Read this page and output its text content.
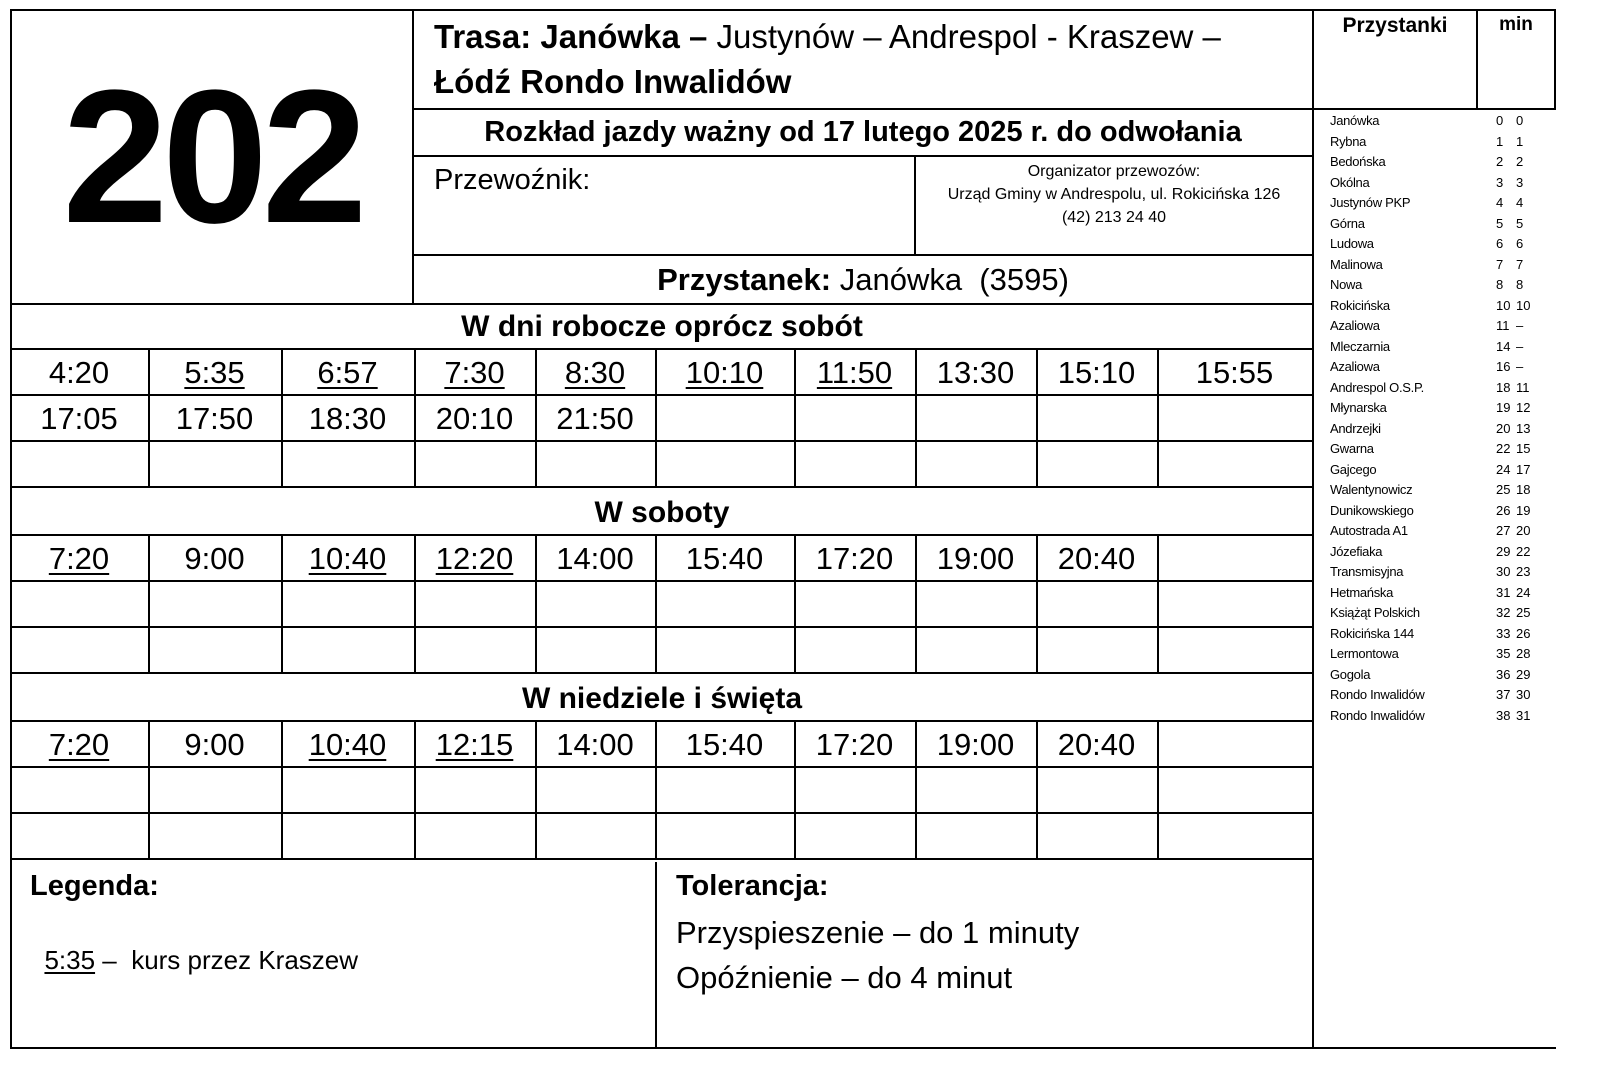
202
Trasa: Janówka – Justynów – Andrespol - Kraszew –
Łódź Rondo Inwalidów
Rozkład jazdy ważny od 17 lutego 2025 r. do odwołania
Przewoźnik:	Organizator przewozów:
Urząd Gminy w Andrespolu, ul. Rokicińska 126
(42) 213 24 40
Przystanek:
Janówka  (3595)
W dni robocze oprócz sobót
4:20	5:35	6:57	7:30	8:30	10:10	11:50	13:30	15:10	15:55
17:05	17:50	18:30	20:10	21:50
W soboty
7:20	9:00	10:40	12:20	14:00	15:40	17:20	19:00	20:40
W niedziele i święta
7:20	9:00	10:40	12:15	14:00	15:40	17:20	19:00	20:40
Legenda:

5:35 –  kurs przez Kraszew

Tolerancja:
Przyspieszenie – do 1 minuty
Opóźnienie – do 4 minut
Przystanki	min
Janówka	0 0
Rybna	1 1
Bedońska	2 2
Okólna	3 3
Justynów PKP	4 4
Górna	5 5
Ludowa	6 6
Malinowa	7 7
Nowa	8 8
Rokicińska	10 10
Azaliowa	11 –
Mleczarnia	14 –
Azaliowa	16 –
Andrespol O.S.P.	18 11
Młynarska	19 12
Andrzejki	20 13
Gwarna	22 15
Gajcego	24 17
Walentynowicz	25 18
Dunikowskiego	26 19
Autostrada A1	27 20
Józefiaka	29 22
Transmisyjna	30 23
Hetmańska	31 24
Książąt Polskich	32 25
Rokicińska 144	33 26
Lermontowa	35 28
Gogola	36 29
Rondo Inwalidów	37 30
Rondo Inwalidów	38 31
